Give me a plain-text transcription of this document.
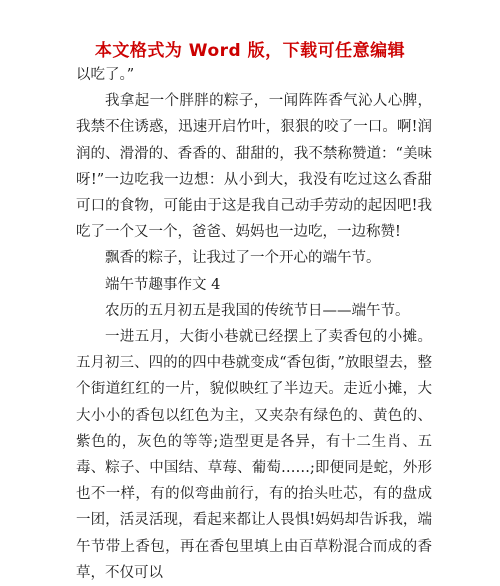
本文格式为 Word 版，下载可任意编辑

以吃了。”

我拿起一个胖胖的粽子，一闻阵阵香气沁人心脾，我禁不住诱惑，迅速开启竹叶，狠狠的咬了一口。啊!润润的、滑滑的、香香的、甜甜的，我不禁称赞道：“美味呀!”一边吃我一边想：从小到大，我没有吃过这么香甜可口的食物，可能由于这是我自己动手劳动的起因吧!我吃了一个又一个，爸爸、妈妈也一边吃，一边称赞!

飘香的粽子，让我过了一个开心的端午节。

端午节趣事作文 4

农历的五月初五是我国的传统节日——端午节。

一进五月，大街小巷就已经摆上了卖香包的小摊。五月初三、四的的四中巷就变成“香包街，”放眼望去，整个街道红红的一片，貌似映红了半边天。走近小摊，大大小小的香包以红色为主，又夹杂有绿色的、黄色的、紫色的，灰色的等等;造型更是各异，有十二生肖、五毒、粽子、中国结、草莓、葡萄……;即便同是蛇，外形也不一样，有的似弯曲前行，有的抬头吐芯，有的盘成一团，活灵活现，看起来都让人畏惧!妈妈却告诉我，端午节带上香包，再在香包里填上由百草粉混合而成的香草，不仅可以
